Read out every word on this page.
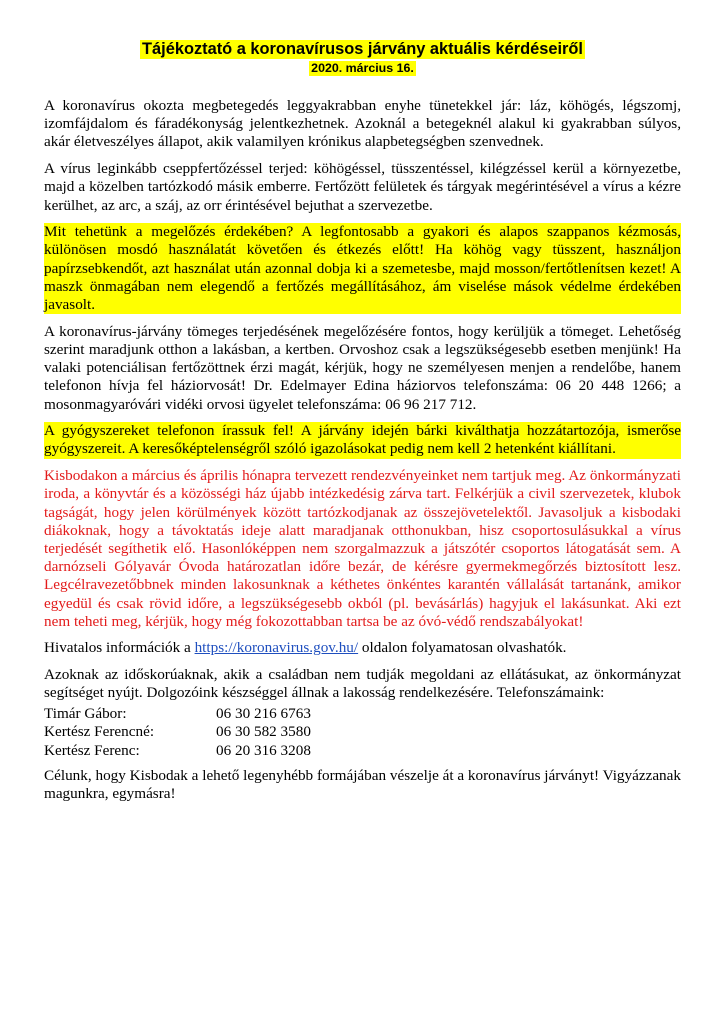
Tájékoztató a koronavírusos járvány aktuális kérdéseiről
2020. március 16.

A koronavírus okozta megbetegedés leggyakrabban enyhe tünetekkel jár: láz, köhögés, légszomj, izomfájdalom és fáradékonyság jelentkezhetnek. Azoknál a betegeknél alakul ki gyakrabban súlyos, akár életveszélyes állapot, akik valamilyen krónikus alapbetegségben szenvednek.

A vírus leginkább cseppfertőzéssel terjed: köhögéssel, tüsszentéssel, kilégzéssel kerül a környezetbe, majd a közelben tartózkodó másik emberre. Fertőzött felületek és tárgyak megérintésével a vírus a kézre kerülhet, az arc, a száj, az orr érintésével bejuthat a szervezetbe.

Mit tehetünk a megelőzés érdekében? A legfontosabb a gyakori és alapos szappanos kézmosás, különösen mosdó használatát követően és étkezés előtt! Ha köhög vagy tüsszent, használjon papírzsebkendőt, azt használat után azonnal dobja ki a szemetesbe, majd mosson/fertőtlenítsen kezet! A maszk önmagában nem elegendő a fertőzés megállításához, ám viselése mások védelme érdekében javasolt.

A koronavírus-járvány tömeges terjedésének megelőzésére fontos, hogy kerüljük a tömeget. Lehetőség szerint maradjunk otthon a lakásban, a kertben. Orvoshoz csak a legszükségesebb esetben menjünk! Ha valaki potenciálisan fertőzöttnek érzi magát, kérjük, hogy ne személyesen menjen a rendelőbe, hanem telefonon hívja fel háziorvosát! Dr. Edelmayer Edina háziorvos telefonszáma: 06 20 448 1266; a mosonmagyaróvári vidéki orvosi ügyelet telefonszáma: 06 96 217 712.

A gyógyszereket telefonon írassuk fel! A járvány idején bárki kiválthatja hozzátartozója, ismerőse gyógyszereit. A keresőképtelenségről szóló igazolásokat pedig nem kell 2 hetenként kiállítani.

Kisbodakon a március és április hónapra tervezett rendezvényeinket nem tartjuk meg. Az önkormányzati iroda, a könyvtár és a közösségi ház újabb intézkedésig zárva tart. Felkérjük a civil szervezetek, klubok tagságát, hogy jelen körülmények között tartózkodjanak az összejövetelektől. Javasoljuk a kisbodaki diákoknak, hogy a távoktatás ideje alatt maradjanak otthonukban, hisz csoportosulásukkal a vírus terjedését segíthetik elő. Hasonlóképpen nem szorgalmazzuk a játszótér csoportos látogatását sem. A darnózseli Gólyavár Óvoda határozatlan időre bezár, de kérésre gyermekmegőrzés biztosított lesz. Legcélravezetőbbnek minden lakosunknak a kéthetes önkéntes karantén vállalását tartanánk, amikor egyedül és csak rövid időre, a legszükségesebb okból (pl. bevásárlás) hagyjuk el lakásunkat. Aki ezt nem teheti meg, kérjük, hogy még fokozottabban tartsa be az óvó-védő rendszabályokat!

Hivatalos információk a https://koronavirus.gov.hu/ oldalon folyamatosan olvashatók.

Azoknak az időskorúaknak, akik a családban nem tudják megoldani az ellátásukat, az önkormányzat segítséget nyújt. Dolgozóink készséggel állnak a lakosság rendelkezésére. Telefonszámaink:

Timár Gábor:	06 30 216 6763
Kertész Ferencné:	06 30 582 3580
Kertész Ferenc:	06 20 316 3208

Célunk, hogy Kisbodak a lehető legenyhébb formájában vészelje át a koronavírus járványt! Vigyázzanak magunkra, egymásra!
